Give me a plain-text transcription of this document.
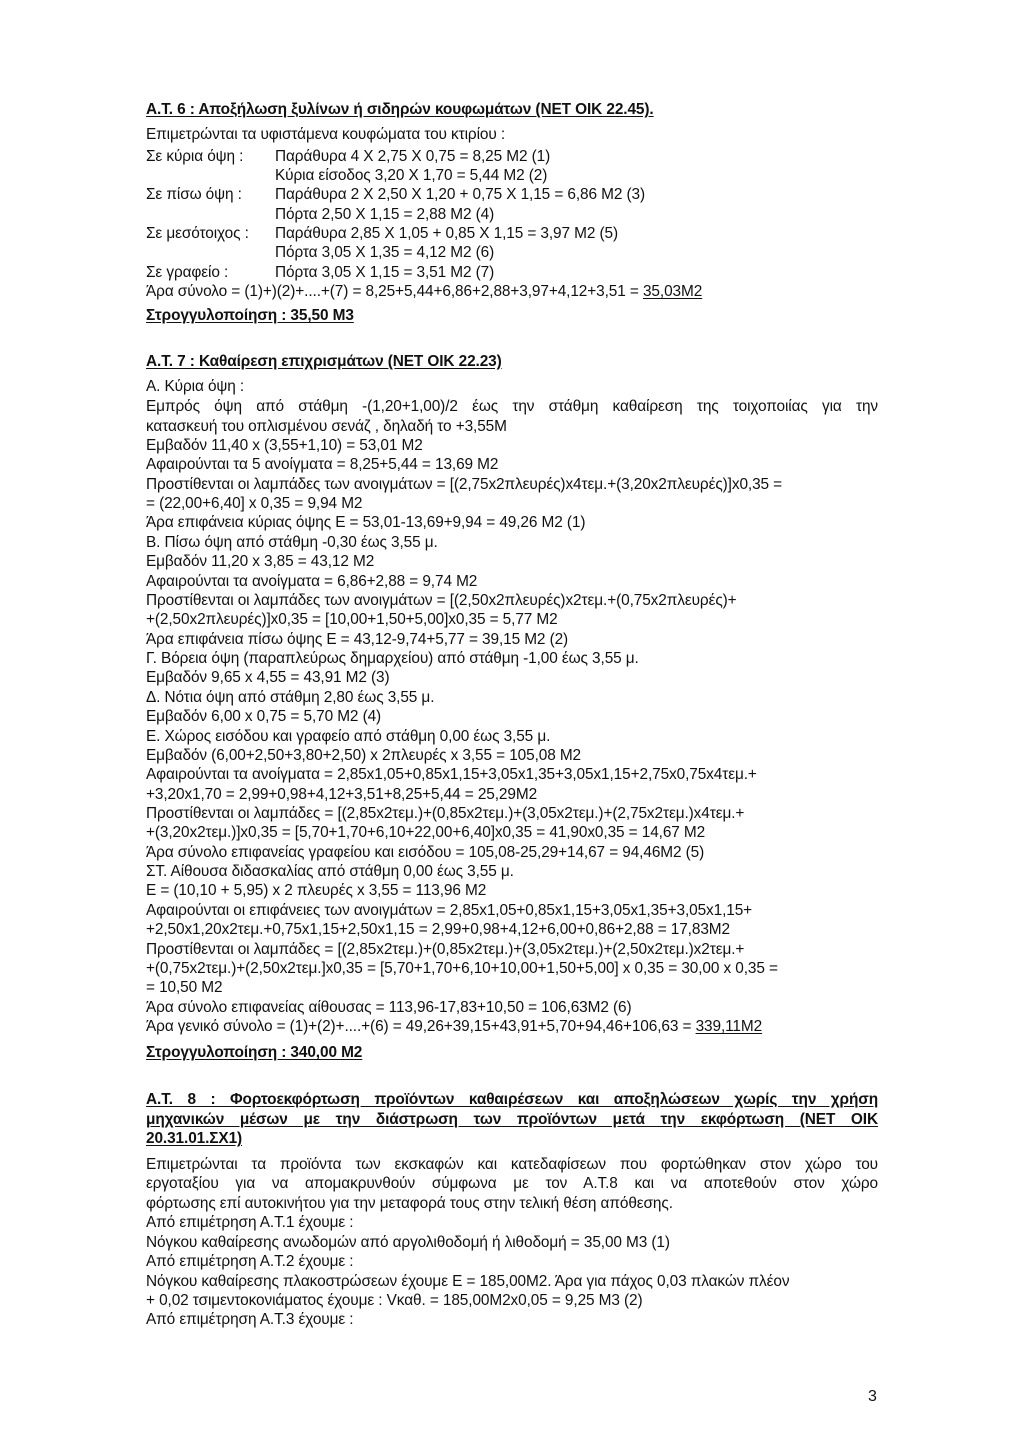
Α.Τ. 6 : Αποξήλωση ξυλίνων ή σιδηρών κουφωμάτων (ΝΕΤ ΟΙΚ 22.45).
Επιμετρώνται τα υφιστάμενα κουφώματα του κτιρίου :
Σε κύρια όψη : Παράθυρα 4 Χ 2,75 Χ 0,75 = 8,25 Μ2 (1)
Κύρια είσοδος 3,20 Χ 1,70 = 5,44 Μ2 (2)
Σε πίσω όψη : Παράθυρα 2 Χ 2,50 Χ 1,20 + 0,75 Χ 1,15 = 6,86 Μ2 (3)
Πόρτα 2,50 Χ 1,15 = 2,88 Μ2 (4)
Σε μεσότοιχος : Παράθυρα 2,85 Χ 1,05 + 0,85 Χ 1,15 = 3,97 Μ2 (5)
Πόρτα 3,05 Χ 1,35 = 4,12 Μ2 (6)
Σε γραφείο :	Πόρτα 3,05 Χ 1,15 = 3,51 Μ2 (7)
Άρα σύνολο = (1)+)(2)+....+(7) = 8,25+5,44+6,86+2,88+3,97+4,12+3,51 = 35,03Μ2
Στρογγυλοποίηση : 35,50 Μ3
Α.Τ. 7 : Καθαίρεση επιχρισμάτων (ΝΕΤ ΟΙΚ 22.23)
Α. Κύρια όψη :
Εμπρός όψη από στάθμη -(1,20+1,00)/2 έως την στάθμη καθαίρεση της τοιχοποιίας για την
κατασκευή του οπλισμένου σενάζ , δηλαδή το +3,55Μ
Εμβαδόν 11,40 x (3,55+1,10) = 53,01 Μ2
Αφαιρούνται τα 5 ανοίγματα = 8,25+5,44 = 13,69 Μ2
Προστίθενται οι λαμπάδες των ανοιγμάτων = [(2,75x2πλευρές)x4τεμ.+(3,20x2πλευρές)]x0,35 =
= (22,00+6,40] x 0,35 = 9,94 Μ2
Άρα επιφάνεια κύριας όψης Ε = 53,01-13,69+9,94 = 49,26 Μ2 (1)
Β. Πίσω όψη από στάθμη -0,30 έως 3,55 μ.
Εμβαδόν 11,20 x 3,85 = 43,12 Μ2
Αφαιρούνται τα ανοίγματα = 6,86+2,88 = 9,74 Μ2
Προστίθενται οι λαμπάδες των ανοιγμάτων = [(2,50x2πλευρές)x2τεμ.+(0,75x2πλευρές)+
+(2,50x2πλευρές)]x0,35 = [10,00+1,50+5,00]x0,35 = 5,77 Μ2
Άρα επιφάνεια πίσω όψης Ε = 43,12-9,74+5,77 = 39,15 Μ2 (2)
Γ. Βόρεια όψη (παραπλεύρως δημαρχείου) από στάθμη -1,00 έως 3,55 μ.
Εμβαδόν 9,65 x 4,55 = 43,91 Μ2 (3)
Δ. Νότια όψη από στάθμη 2,80 έως 3,55 μ.
Εμβαδόν 6,00 x 0,75 = 5,70 Μ2 (4)
Ε. Χώρος εισόδου και γραφείο από στάθμη 0,00 έως 3,55 μ.
Εμβαδόν (6,00+2,50+3,80+2,50) x 2πλευρές x 3,55 = 105,08 Μ2
Αφαιρούνται τα ανοίγματα = 2,85x1,05+0,85x1,15+3,05x1,35+3,05x1,15+2,75x0,75x4τεμ.+
+3,20x1,70 = 2,99+0,98+4,12+3,51+8,25+5,44 = 25,29Μ2
Προστίθενται οι λαμπάδες = [(2,85x2τεμ.)+(0,85x2τεμ.)+(3,05x2τεμ.)+(2,75x2τεμ.)x4τεμ.+
+(3,20x2τεμ.)]x0,35 = [5,70+1,70+6,10+22,00+6,40]x0,35 = 41,90x0,35 = 14,67 Μ2
Άρα σύνολο επιφανείας γραφείου και εισόδου = 105,08-25,29+14,67 = 94,46Μ2 (5)
ΣΤ. Αίθουσα διδασκαλίας από στάθμη 0,00 έως 3,55 μ.
Ε = (10,10 + 5,95) x 2 πλευρές x 3,55 = 113,96 Μ2
Αφαιρούνται οι επιφάνειες των ανοιγμάτων = 2,85x1,05+0,85x1,15+3,05x1,35+3,05x1,15+
+2,50x1,20x2τεμ.+0,75x1,15+2,50x1,15 = 2,99+0,98+4,12+6,00+0,86+2,88 = 17,83Μ2
Προστίθενται οι λαμπάδες = [(2,85x2τεμ.)+(0,85x2τεμ.)+(3,05x2τεμ.)+(2,50x2τεμ.)x2τεμ.+
+(0,75x2τεμ.)+(2,50x2τεμ.]x0,35 = [5,70+1,70+6,10+10,00+1,50+5,00] x 0,35 = 30,00 x 0,35 =
= 10,50 Μ2
Άρα σύνολο επιφανείας αίθουσας = 113,96-17,83+10,50 = 106,63Μ2 (6)
Άρα γενικό σύνολο = (1)+(2)+....+(6) = 49,26+39,15+43,91+5,70+94,46+106,63 = 339,11Μ2
Στρογγυλοποίηση : 340,00 Μ2
Α.Τ. 8 : Φορτοεκφόρτωση προϊόντων καθαιρέσεων και αποξηλώσεων χωρίς την χρήση
μηχανικών μέσων με την διάστρωση των προϊόντων μετά την εκφόρτωση (ΝΕΤ ΟΙΚ
20.31.01.ΣΧ1)
Επιμετρώνται τα προϊόντα των εκσκαφών και κατεδαφίσεων που φορτώθηκαν στον χώρο του
εργοταξίου για να απομακρυνθούν σύμφωνα με τον Α.Τ.8 και να αποτεθούν στον χώρο
φόρτωσης επί αυτοκινήτου για την μεταφορά τους στην τελική θέση απόθεσης.
Από επιμέτρηση Α.Τ.1 έχουμε :
Νόγκου καθαίρεσης ανωδομών από αργολιθοδομή ή λιθοδομή = 35,00 Μ3 (1)
Από επιμέτρηση Α.Τ.2 έχουμε :
Νόγκου καθαίρεσης πλακοστρώσεων έχουμε Ε = 185,00Μ2. Άρα για πάχος 0,03 πλακών πλέον
+ 0,02 τσιμεντοκονιάματος έχουμε : Vκαθ. = 185,00Μ2x0,05 = 9,25 Μ3 (2)
Από επιμέτρηση Α.Τ.3 έχουμε :
3
